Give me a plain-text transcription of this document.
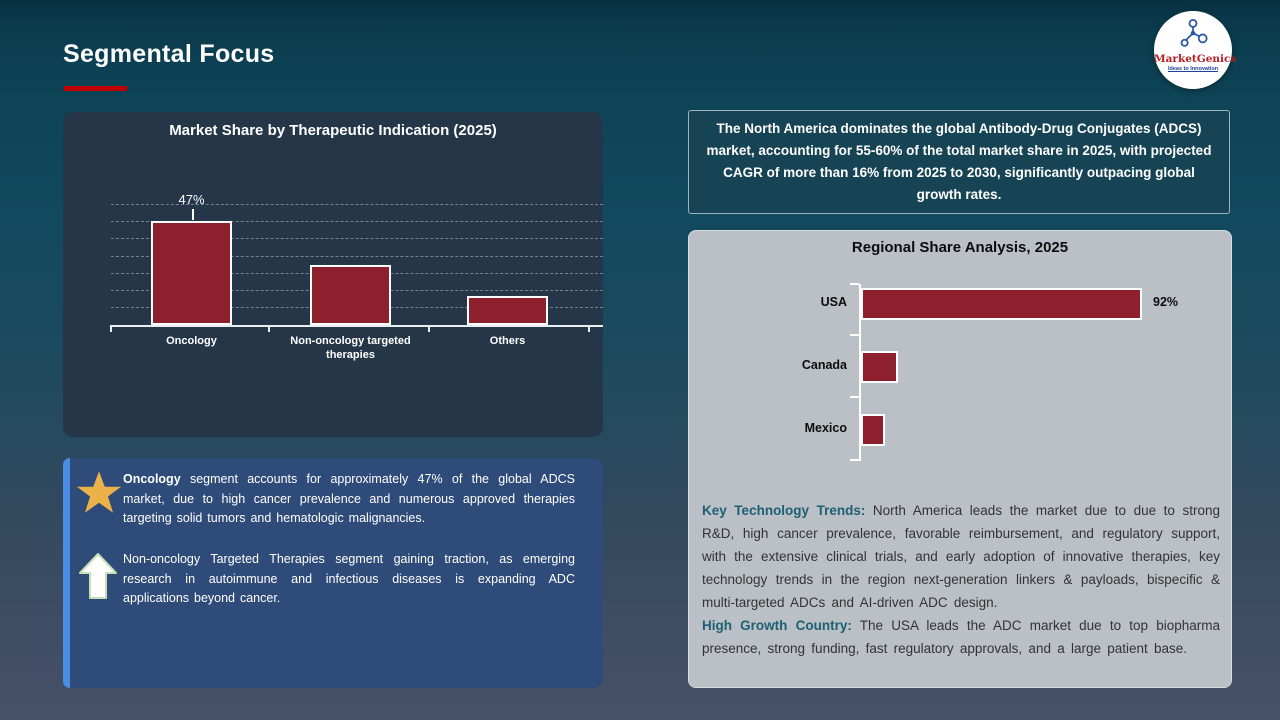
Segmental Focus	MarketGenics
Ideas to Innovation
Market Share by Therapeutic Indication (2025)
Oncology
47%
Non-oncology targeted therapies
Others

The North America dominates the global Antibody-Drug Conjugates (ADCS) market, accounting for 55-60% of the total market share in 2025, with projected CAGR of more than 16% from 2025 to 2030, significantly outpacing global growth rates.

Regional Share Analysis, 2025
USA	92%
Canada
Mexico

Key Technology Trends: North America leads the market due to due to strong R&D, high cancer prevalence, favorable reimbursement, and regulatory support, with the extensive clinical trials, and early adoption of innovative therapies, key technology trends in the region next-generation linkers & payloads, bispecific & multi-targeted ADCs and AI-driven ADC design.

High Growth Country: The USA leads the ADC market due to top biopharma presence, strong funding, fast regulatory approvals, and a large patient base.

Oncology segment accounts for approximately 47% of the global ADCS market, due to high cancer prevalence and numerous approved therapies targeting solid tumors and hematologic malignancies.

Non-oncology Targeted Therapies segment gaining traction, as emerging research in autoimmune and infectious diseases is expanding ADC applications beyond cancer.
